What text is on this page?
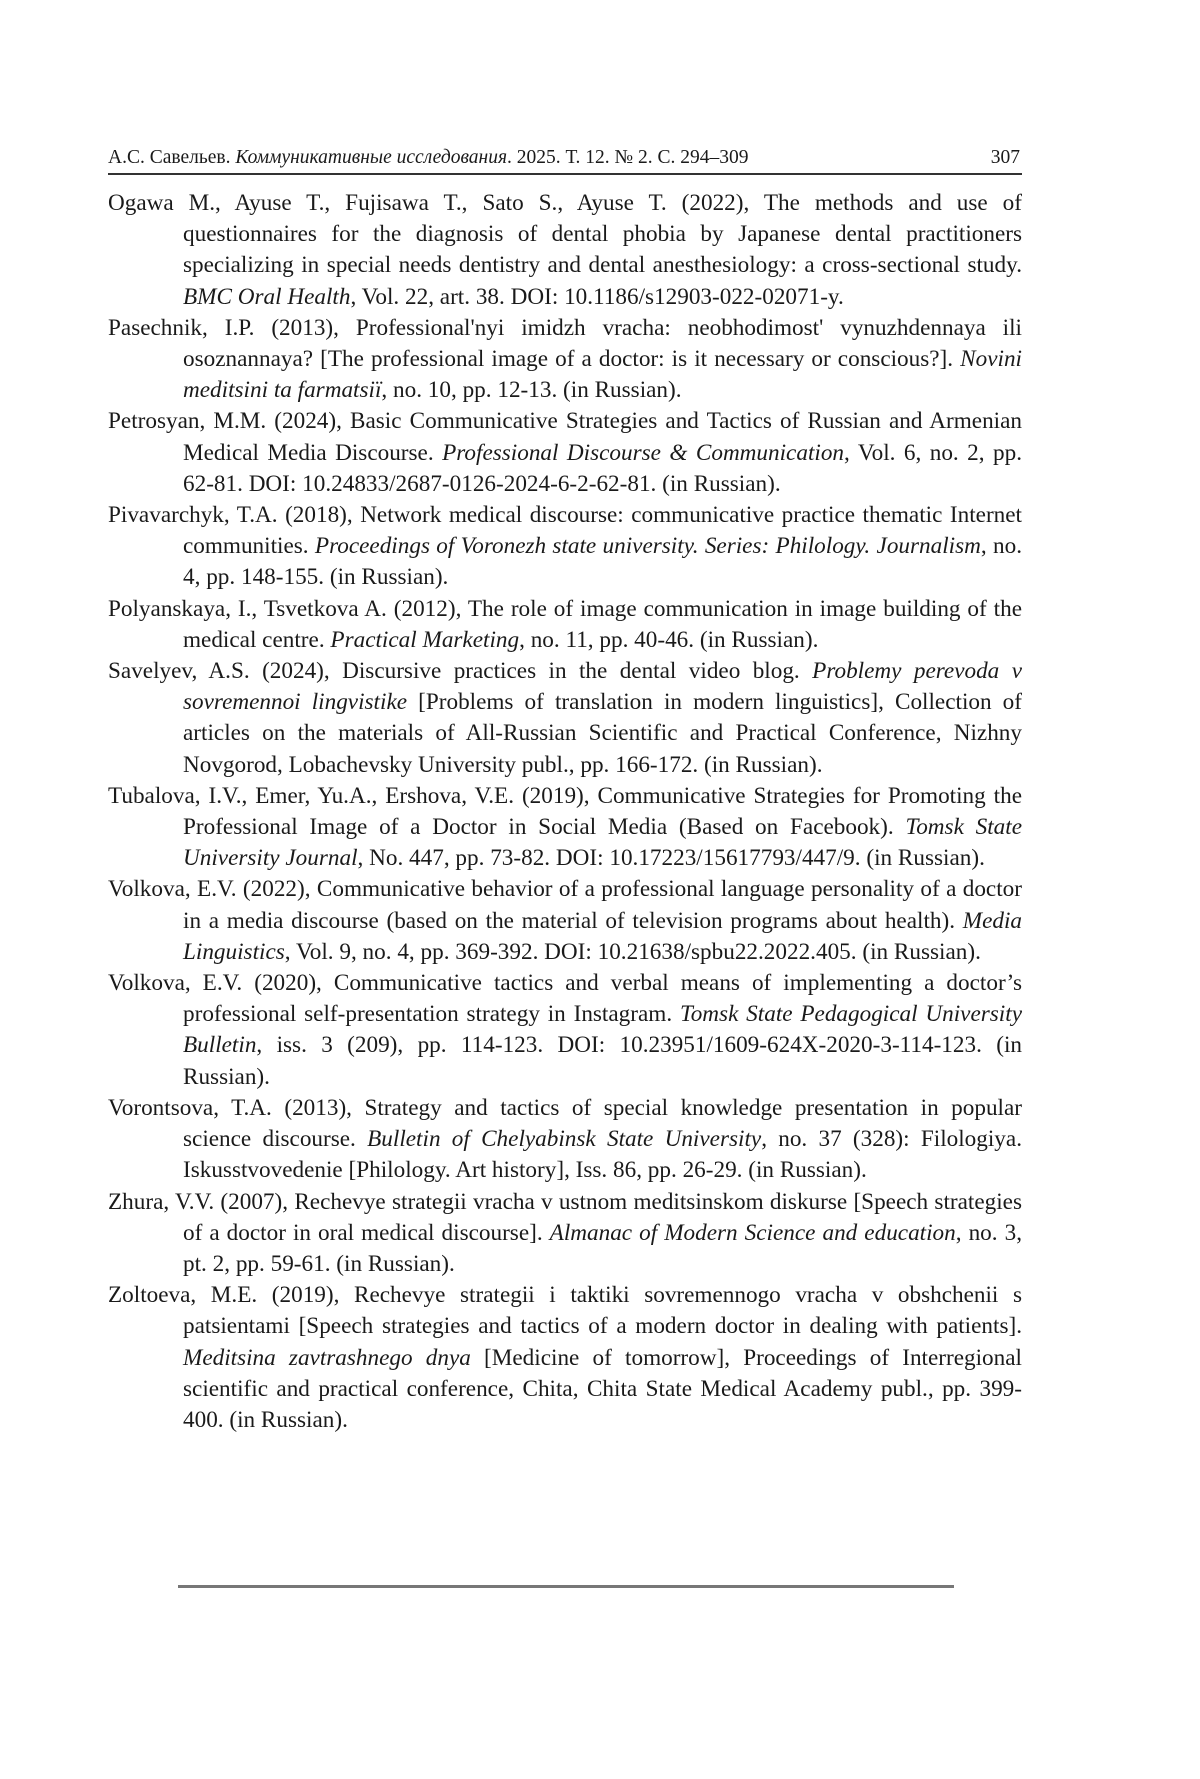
А.С. Савельев. Коммуникативные исследования. 2025. Т. 12. № 2. С. 294–309	307

Ogawa M., Ayuse T., Fujisawa T., Sato S., Ayuse T. (2022), The methods and use of questionnaires for the diagnosis of dental phobia by Japanese dental practitioners specializing in special needs dentistry and dental anesthesiology: a cross-sectional study. BMC Oral Health, Vol. 22, art. 38. DOI: 10.1186/s12903-022-02071-y.

Pasechnik, I.P. (2013), Professional'nyi imidzh vracha: neobhodimost' vynuzhdennaya ili osoznannaya? [The professional image of a doctor: is it necessary or conscious?]. Novini meditsini ta farmatsiï, no. 10, pp. 12-13. (in Russian).

Petrosyan, M.M. (2024), Basic Communicative Strategies and Tactics of Russian and Armenian Medical Media Discourse. Professional Discourse & Communication, Vol. 6, no. 2, pp. 62-81. DOI: 10.24833/2687-0126-2024-6-2-62-81. (in Russian).

Pivavarchyk, T.A. (2018), Network medical discourse: communicative practice thematic Internet communities. Proceedings of Voronezh state university. Series: Philology. Journalism, no. 4, pp. 148-155. (in Russian).

Polyanskaya, I., Tsvetkova A. (2012), The role of image communication in image building of the medical centre. Practical Marketing, no. 11, pp. 40-46. (in Russian).

Savelyev, A.S. (2024), Discursive practices in the dental video blog. Problemy perevoda v sovremennoi lingvistike [Problems of translation in modern linguistics], Collection of articles on the materials of All-Russian Scientific and Practical Conference, Nizhny Novgorod, Lobachevsky University publ., pp. 166-172. (in Russian).

Tubalova, I.V., Emer, Yu.A., Ershova, V.E. (2019), Communicative Strategies for Promoting the Professional Image of a Doctor in Social Media (Based on Facebook). Tomsk State University Journal, No. 447, pp. 73-82. DOI: 10.17223/15617793/447/9. (in Russian).

Volkova, E.V. (2022), Communicative behavior of a professional language personality of a doctor in a media discourse (based on the material of television programs about health). Media Linguistics, Vol. 9, no. 4, pp. 369-392. DOI: 10.21638/spbu22.2022.405. (in Russian).

Volkova, E.V. (2020), Communicative tactics and verbal means of implementing a doctor’s professional self-presentation strategy in Instagram. Tomsk State Pedagogical University Bulletin, iss. 3 (209), pp. 114-123. DOI: 10.23951/1609-624X-2020-3-114-123. (in Russian).

Vorontsova, T.A. (2013), Strategy and tactics of special knowledge presentation in popular science discourse. Bulletin of Chelyabinsk State University, no. 37 (328): Filologiya. Iskusstvovedenie [Philology. Art history], Iss. 86, pp. 26-29. (in Russian).

Zhura, V.V. (2007), Rechevye strategii vracha v ustnom meditsinskom diskurse [Speech strategies of a doctor in oral medical discourse]. Almanac of Modern Science and education, no. 3, pt. 2, pp. 59-61. (in Russian).

Zoltoeva, M.E. (2019), Rechevye strategii i taktiki sovremennogo vracha v obshchenii s patsientami [Speech strategies and tactics of a modern doctor in dealing with patients]. Meditsina zavtrashnego dnya [Medicine of tomorrow], Proceedings of Interregional scientific and practical conference, Chita, Chita State Medical Academy publ., pp. 399-400. (in Russian).
